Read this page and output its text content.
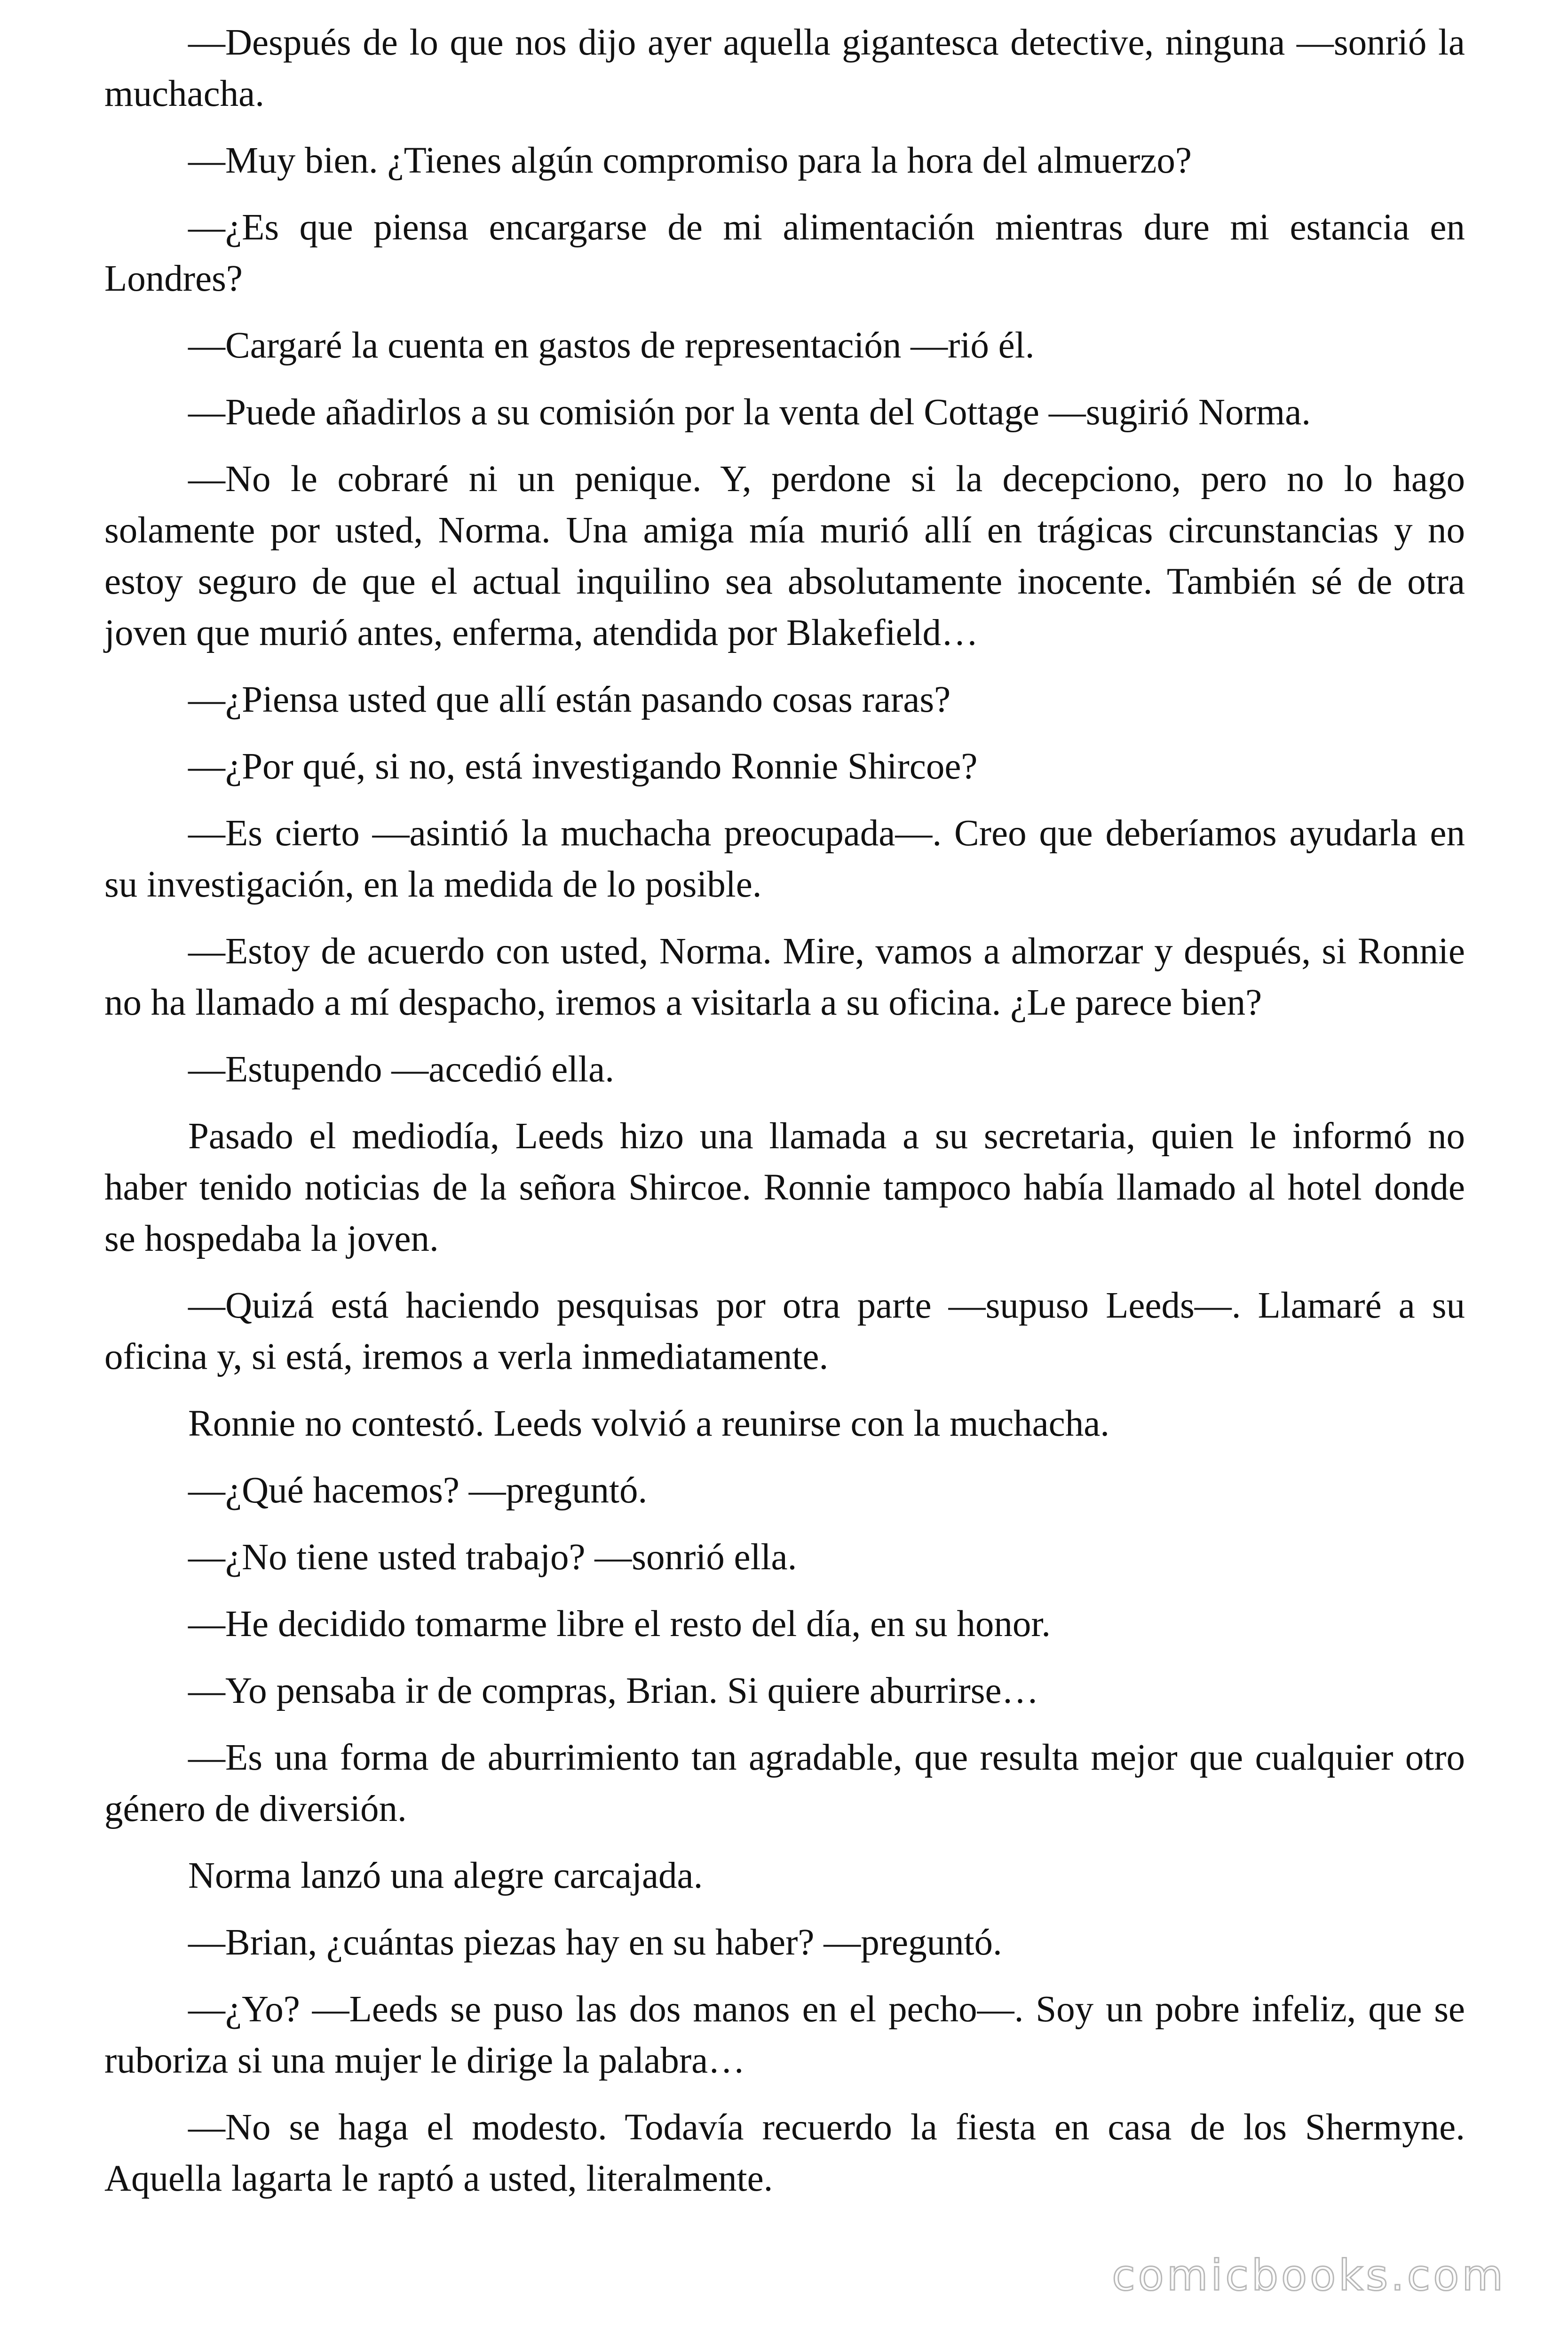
—Después de lo que nos dijo ayer aquella gigantesca detective, ninguna —sonrió la muchacha.

—Muy bien. ¿Tienes algún compromiso para la hora del almuerzo?

—¿Es que piensa encargarse de mi alimentación mientras dure mi estancia en Londres?

—Cargaré la cuenta en gastos de representación —rió él.

—Puede añadirlos a su comisión por la venta del Cottage —sugirió Norma.

—No le cobraré ni un penique. Y, perdone si la decepciono, pero no lo hago solamente por usted, Norma. Una amiga mía murió allí en trágicas circunstancias y no estoy seguro de que el actual inquilino sea absolutamente inocente. También sé de otra joven que murió antes, enferma, atendida por Blakefield…

—¿Piensa usted que allí están pasando cosas raras?

—¿Por qué, si no, está investigando Ronnie Shircoe?

—Es cierto —asintió la muchacha preocupada—. Creo que deberíamos ayudarla en su investigación, en la medida de lo posible.

—Estoy de acuerdo con usted, Norma. Mire, vamos a almorzar y después, si Ronnie no ha llamado a mí despacho, iremos a visitarla a su oficina. ¿Le parece bien?

—Estupendo —accedió ella.

Pasado el mediodía, Leeds hizo una llamada a su secretaria, quien le informó no haber tenido noticias de la señora Shircoe. Ronnie tampoco había llamado al hotel donde se hospedaba la joven.

—Quizá está haciendo pesquisas por otra parte —supuso Leeds—. Llamaré a su oficina y, si está, iremos a verla inmediatamente.

Ronnie no contestó. Leeds volvió a reunirse con la muchacha.

—¿Qué hacemos? —preguntó.

—¿No tiene usted trabajo? —sonrió ella.

—He decidido tomarme libre el resto del día, en su honor.

—Yo pensaba ir de compras, Brian. Si quiere aburrirse…

—Es una forma de aburrimiento tan agradable, que resulta mejor que cualquier otro género de diversión.

Norma lanzó una alegre carcajada.

—Brian, ¿cuántas piezas hay en su haber? —preguntó.

—¿Yo? —Leeds se puso las dos manos en el pecho—. Soy un pobre infeliz, que se ruboriza si una mujer le dirige la palabra…

—No se haga el modesto. Todavía recuerdo la fiesta en casa de los Shermyne. Aquella lagarta le raptó a usted, literalmente.

comicbooks.com
